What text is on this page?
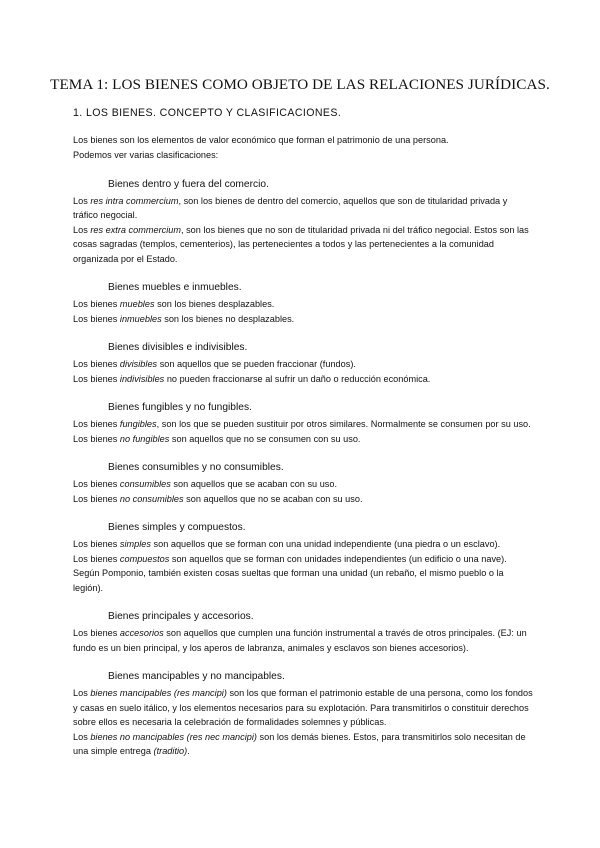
TEMA 1: LOS BIENES COMO OBJETO DE LAS RELACIONES JURÍDICAS.
1. LOS BIENES. CONCEPTO Y CLASIFICACIONES.

Los bienes son los elementos de valor económico que forman el patrimonio de una persona.

Podemos ver varias clasificaciones:

Bienes dentro y fuera del comercio.

Los res intra commercium, son los bienes de dentro del comercio, aquellos que son de titularidad privada y tráfico negocial.

Los res extra commercium, son los bienes que no son de titularidad privada ni del tráfico negocial. Estos son las cosas sagradas (templos, cementerios), las pertenecientes a todos y las pertenecientes a la comunidad organizada por el Estado.

Bienes muebles e inmuebles.

Los bienes muebles son los bienes desplazables.

Los bienes inmuebles son los bienes no desplazables.

Bienes divisibles e indivisibles.

Los bienes divisibles son aquellos que se pueden fraccionar (fundos).

Los bienes indivisibles no pueden fraccionarse al sufrir un daño o reducción económica.

Bienes fungibles y no fungibles.

Los bienes fungibles, son los que se pueden sustituir por otros similares. Normalmente se consumen por su uso.

Los bienes no fungibles son aquellos que no se consumen con su uso.

Bienes consumibles y no consumibles.

Los bienes consumibles son aquellos que se acaban con su uso.

Los bienes no consumibles son aquellos que no se acaban con su uso.

Bienes simples y compuestos.

Los bienes simples son aquellos que se forman con una unidad independiente (una piedra o un esclavo).

Los bienes compuestos son aquellos que se forman con unidades independientes (un edificio o una nave).

Según Pomponio, también existen cosas sueltas que forman una unidad (un rebaño, el mismo pueblo o la legión).

Bienes principales y accesorios.

Los bienes accesorios son aquellos que cumplen una función instrumental a través de otros principales. (EJ: un fundo es un bien principal, y los aperos de labranza, animales y esclavos son bienes accesorios).

Bienes mancipables y no mancipables.

Los bienes mancipables (res mancipi) son los que forman el patrimonio estable de una persona, como los fondos y casas en suelo itálico, y los elementos necesarios para su explotación. Para transmitirlos o constituir derechos sobre ellos es necesaria la celebración de formalidades solemnes y públicas.

Los bienes no mancipables (res nec mancipi) son los demás bienes. Estos, para transmitirlos solo necesitan de una simple entrega (traditio).
